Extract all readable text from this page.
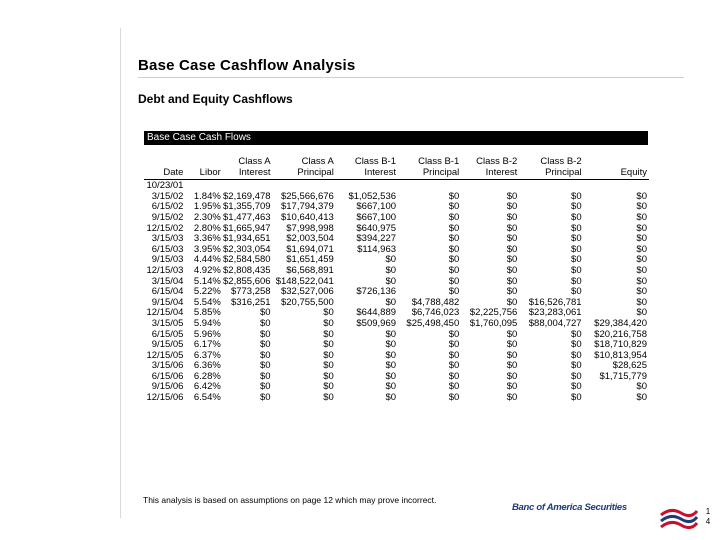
Base Case Cashflow Analysis
Debt and Equity Cashflows
Base Case Cash Flows
		Class A	Class A	Class B-1	Class B-1	Class B-2	Class B-2	
Date	Libor	Interest	Principal	Interest	Principal	Interest	Principal	Equity
10/23/01								
3/15/02	1.84%	$2,169,478	$25,566,676	$1,052,536	$0	$0	$0	$0
6/15/02	1.95%	$1,355,709	$17,794,379	$667,100	$0	$0	$0	$0
9/15/02	2.30%	$1,477,463	$10,640,413	$667,100	$0	$0	$0	$0
12/15/02	2.80%	$1,665,947	$7,998,998	$640,975	$0	$0	$0	$0
3/15/03	3.36%	$1,934,651	$2,003,504	$394,227	$0	$0	$0	$0
6/15/03	3.95%	$2,303,054	$1,694,071	$114,963	$0	$0	$0	$0
9/15/03	4.44%	$2,584,580	$1,651,459	$0	$0	$0	$0	$0
12/15/03	4.92%	$2,808,435	$6,568,891	$0	$0	$0	$0	$0
3/15/04	5.14%	$2,855,606	$148,522,041	$0	$0	$0	$0	$0
6/15/04	5.22%	$773,258	$32,527,006	$726,136	$0	$0	$0	$0
9/15/04	5.54%	$316,251	$20,755,500	$0	$4,788,482	$0	$16,526,781	$0
12/15/04	5.85%	$0	$0	$644,889	$6,746,023	$2,225,756	$23,283,061	$0
3/15/05	5.94%	$0	$0	$509,969	$25,498,450	$1,760,095	$88,004,727	$29,384,420
6/15/05	5.96%	$0	$0	$0	$0	$0	$0	$20,216,758
9/15/05	6.17%	$0	$0	$0	$0	$0	$0	$18,710,829
12/15/05	6.37%	$0	$0	$0	$0	$0	$0	$10,813,954
3/15/06	6.36%	$0	$0	$0	$0	$0	$0	$28,625
6/15/06	6.28%	$0	$0	$0	$0	$0	$0	$1,715,779
9/15/06	6.42%	$0	$0	$0	$0	$0	$0	$0
12/15/06	6.54%	$0	$0	$0	$0	$0	$0	$0
This analysis is based on assumptions on page 12 which may prove incorrect.
Banc of America Securities	1
4
